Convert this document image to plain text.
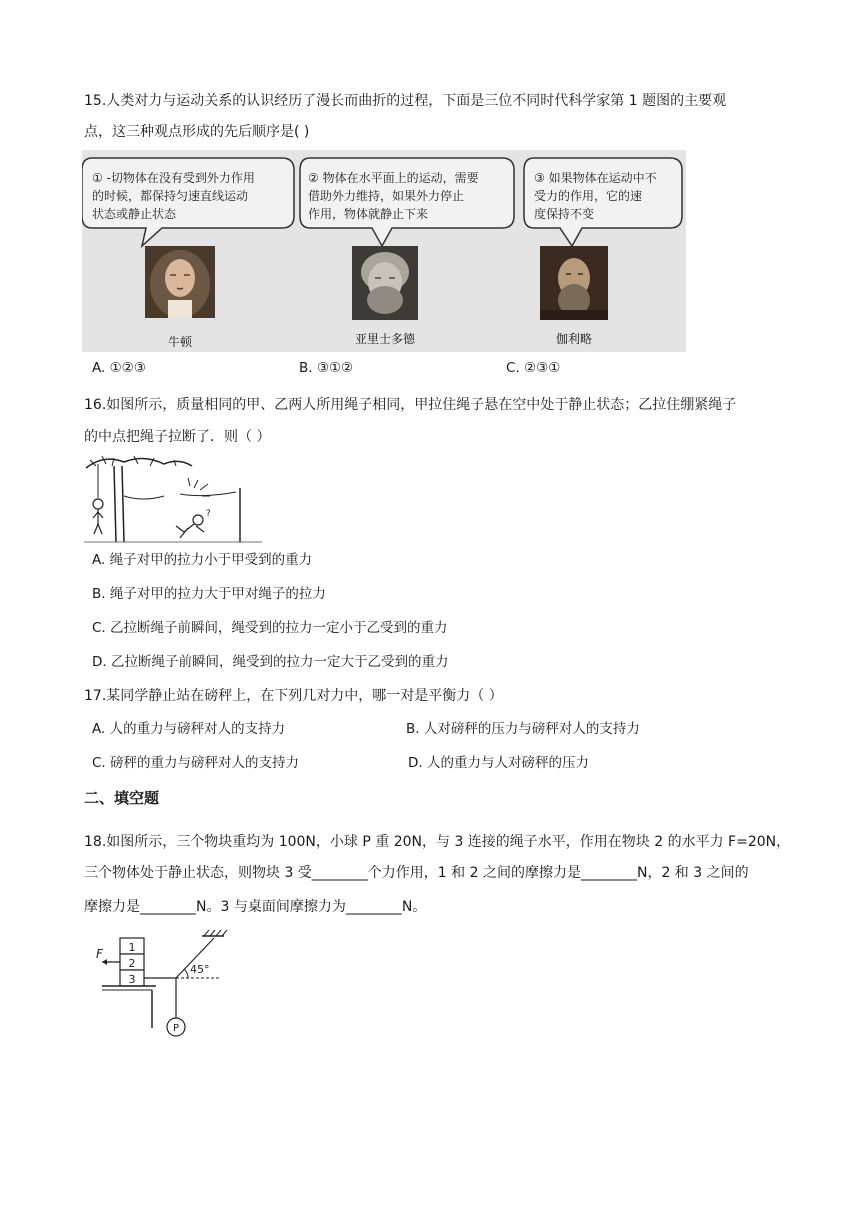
15.人类对力与运动关系的认识经历了漫长而曲折的过程，下面是三位不同时代科学家第 1 题图的主要观
点，这三种观点形成的先后顺序是( )
① -切物体在没有受到外力作用
的时候，都保持匀速直线运动
状态或静止状态
② 物体在水平面上的运动，需要
借助外力维持，如果外力停止
作用，物体就静止下来
③ 如果物体在运动中不
受力的作用，它的速
度保持不变
牛顿	亚里士多德	伽利略
A. ①②③	B. ③①②	C. ②③①
16.如图所示，质量相同的甲、乙两人所用绳子相同，甲拉住绳子悬在空中处于静止状态；乙拉住绷紧绳子
的中点把绳子拉断了．则（ ）
?
A. 绳子对甲的拉力小于甲受到的重力
B. 绳子对甲的拉力大于甲对绳子的拉力
C. 乙拉断绳子前瞬间，绳受到的拉力一定小于乙受到的重力
D. 乙拉断绳子前瞬间，绳受到的拉力一定大于乙受到的重力
17.某同学静止站在磅秤上，在下列几对力中，哪一对是平衡力（ ）
A. 人的重力与磅秤对人的支持力	B. 人对磅秤的压力与磅秤对人的支持力
C. 磅秤的重力与磅秤对人的支持力	D. 人的重力与人对磅秤的压力
二、填空题
18.如图所示，三个物块重均为 100N，小球 P 重 20N，与 3 连接的绳子水平，作用在物块 2 的水平力 F=20N，
三个物体处于静止状态，则物块 3 受________个力作用，1 和 2 之间的摩擦力是________N，2 和 3 之间的
摩擦力是________N。3 与桌面间摩擦力为________N。
1
2
3
F
45°
P
